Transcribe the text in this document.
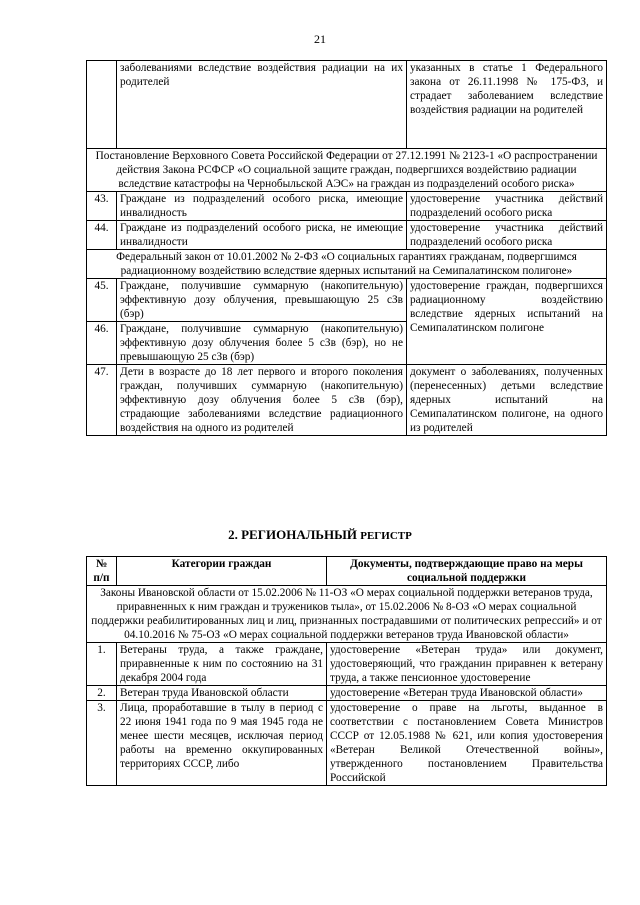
21
	заболеваниями вследствие воздействия радиации на их родителей	указанных в статье 1 Федерального закона от 26.11.1998 № 175-ФЗ, и страдает заболеванием вследствие воздействия радиации на родителей
Постановление Верховного Совета Российской Федерации от 27.12.1991 № 2123-1 «О распространении действия Закона РСФСР «О социальной защите граждан, подвергшихся воздействию радиации вследствие катастрофы на Чернобыльской АЭС» на граждан из подразделений особого риска»		
43.	Граждане из подразделений особого риска, имеющие инвалидность	удостоверение участника действий подразделений особого риска
44.	Граждане из подразделений особого риска, не имеющие инвалидности	удостоверение участника действий подразделений особого риска
Федеральный закон от 10.01.2002 № 2-ФЗ «О социальных гарантиях гражданам, подвергшимся радиационному воздействию вследствие ядерных испытаний на Семипалатинском полигоне»		
45.	Граждане, получившие суммарную (накопительную) эффективную дозу облучения, превышающую 25 сЗв (бэр)	удостоверение граждан, подвергшихся радиационному воздействию вследствие ядерных испытаний на Семипалатинском полигоне
46.	Граждане, получившие суммарную (накопительную) эффективную дозу облучения более 5 сЗв (бэр), но не превышающую 25 сЗв (бэр)	
47.	Дети в возрасте до 18 лет первого и второго поколения граждан, получивших суммарную (накопительную) эффективную дозу облучения более 5 сЗв (бэр), страдающие заболеваниями вследствие радиационного воздействия на одного из родителей	документ о заболеваниях, полученных (перенесенных) детьми вследствие ядерных испытаний на Семипалатинском полигоне, на одного из родителей
2. РЕГИОНАЛЬНЫЙ РЕГИСТР
№ п/п	Категории граждан	Документы, подтверждающие право на меры социальной поддержки
Законы Ивановской области от 15.02.2006 № 11-ОЗ «О мерах социальной поддержки ветеранов труда, приравненных к ним граждан и тружеников тыла», от 15.02.2006 № 8-ОЗ «О мерах социальной поддержки реабилитированных лиц и лиц, признанных пострадавшими от политических репрессий» и от 04.10.2016 № 75-ОЗ «О мерах социальной поддержки ветеранов труда Ивановской области»		
1.	Ветераны труда, а также граждане, приравненные к ним по состоянию на 31 декабря 2004 года	удостоверение «Ветеран труда» или документ, удостоверяющий, что гражданин приравнен к ветерану труда, а также пенсионное удостоверение
2.	Ветеран труда Ивановской области	удостоверение «Ветеран труда Ивановской области»
3.	Лица, проработавшие в тылу в период с 22 июня 1941 года по 9 мая 1945 года не менее шести месяцев, исключая период работы на временно оккупированных территориях СССР, либо	удостоверение о праве на льготы, выданное в соответствии с постановлением Совета Министров СССР от 12.05.1988 № 621, или копия удостоверения «Ветеран Великой Отечественной войны», утвержденного постановлением Правительства Российской
